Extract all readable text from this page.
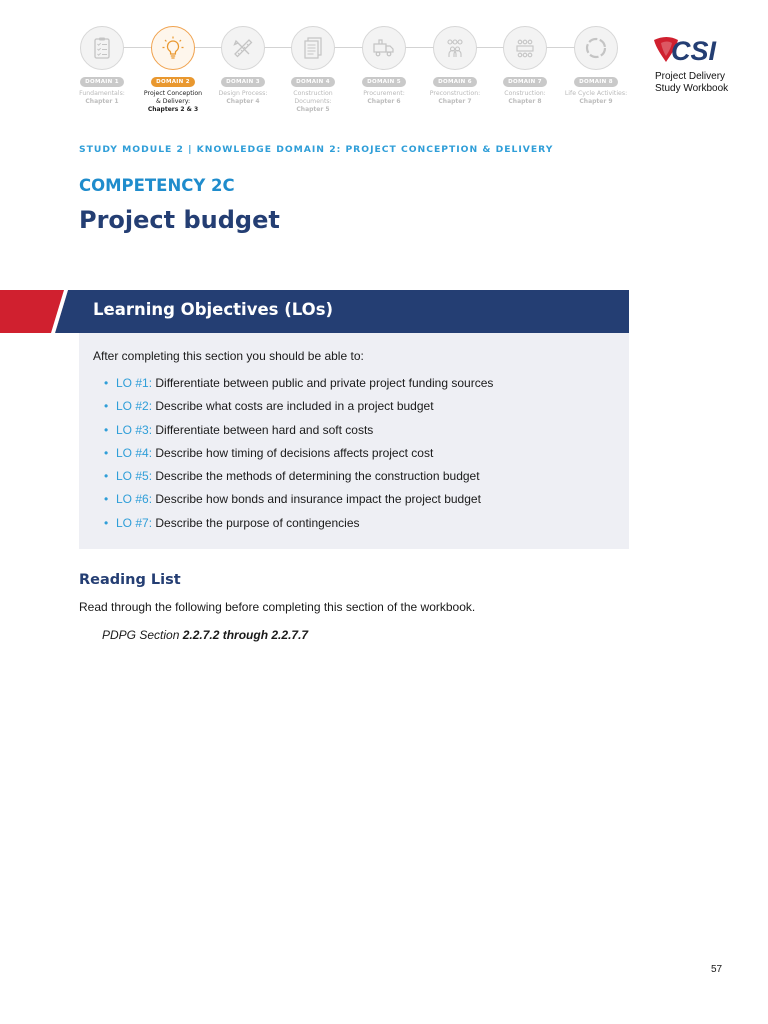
DOMAIN 1
Fundamentals:
Chapter 1
DOMAIN 2
Project Conception
& Delivery:
Chapters 2 & 3
DOMAIN 3
Design Process:
Chapter 4
DOMAIN 4
Construction
Documents:
Chapter 5
DOMAIN 5
Procurement:
Chapter 6
DOMAIN 6
Preconstruction:
Chapter 7
DOMAIN 7
Construction:
Chapter 8
DOMAIN 8
Life Cycle Activities:
Chapter 9
CSI
Project Delivery
Study Workbook
STUDY MODULE 2 | KNOWLEDGE DOMAIN 2: PROJECT CONCEPTION & DELIVERY
COMPETENCY 2C
Project budget
Learning Objectives (LOs)
After completing this section you should be able to:
• LO #1: Differentiate between public and private project funding sources
• LO #2: Describe what costs are included in a project budget
• LO #3: Differentiate between hard and soft costs
• LO #4: Describe how timing of decisions affects project cost
• LO #5: Describe the methods of determining the construction budget
• LO #6: Describe how bonds and insurance impact the project budget
• LO #7: Describe the purpose of contingencies
Reading List

Read through the following before completing this section of the workbook.

PDPG Section 2.2.7.2 through 2.2.7.7

57
